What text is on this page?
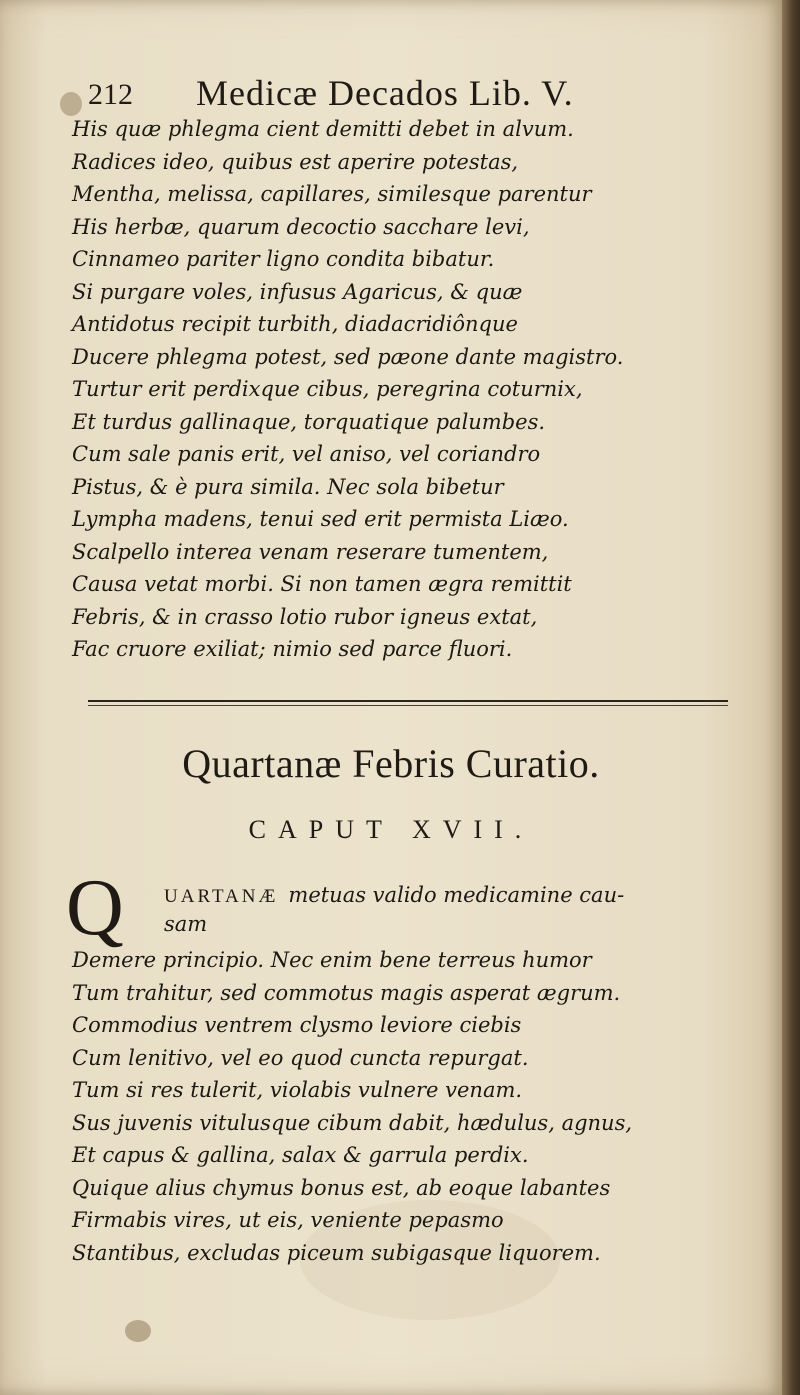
212 Medicæ Decados Lib. V.
His quæ phlegma cient demitti debet in alvum.
Radices ideo, quibus est aperire potestas,
Mentha, melissa, capillares, similesque parentur
His herbæ, quarum decoctio sacchare levi,
Cinnameo pariter ligno condita bibatur.
Si purgare voles, infusus Agaricus, & quæ
Antidotus recipit turbith, diadacridiônque
Ducere phlegma potest, sed pæone dante magistro.
Turtur erit perdixque cibus, peregrina coturnix,
Et turdus gallinaque, torquatique palumbes.
Cum sale panis erit, vel aniso, vel coriandro
Pistus, & è pura simila. Nec sola bibetur
Lympha madens, tenui sed erit permista Liæo.
Scalpello interea venam reserare tumentem,
Causa vetat morbi. Si non tamen ægra remittit
Febris, & in crasso lotio rubor igneus extat,
Fac cruore exiliat; nimio sed parce fluori.
Quartanæ Febris Curatio.
CAPUT XVII.
Q UARTANÆ metuas valido medicamine cau-
sam
Demere principio. Nec enim bene terreus humor
Tum trahitur, sed commotus magis asperat ægrum.
Commodius ventrem clysmo leviore ciebis
Cum lenitivo, vel eo quod cuncta repurgat.
Tum si res tulerit, violabis vulnere venam.
Sus juvenis vitulusque cibum dabit, hædulus, agnus,
Et capus & gallina, salax & garrula perdix.
Quique alius chymus bonus est, ab eoque labantes
Firmabis vires, ut eis, veniente pepasmo
Stantibus, excludas piceum subigasque liquorem.
